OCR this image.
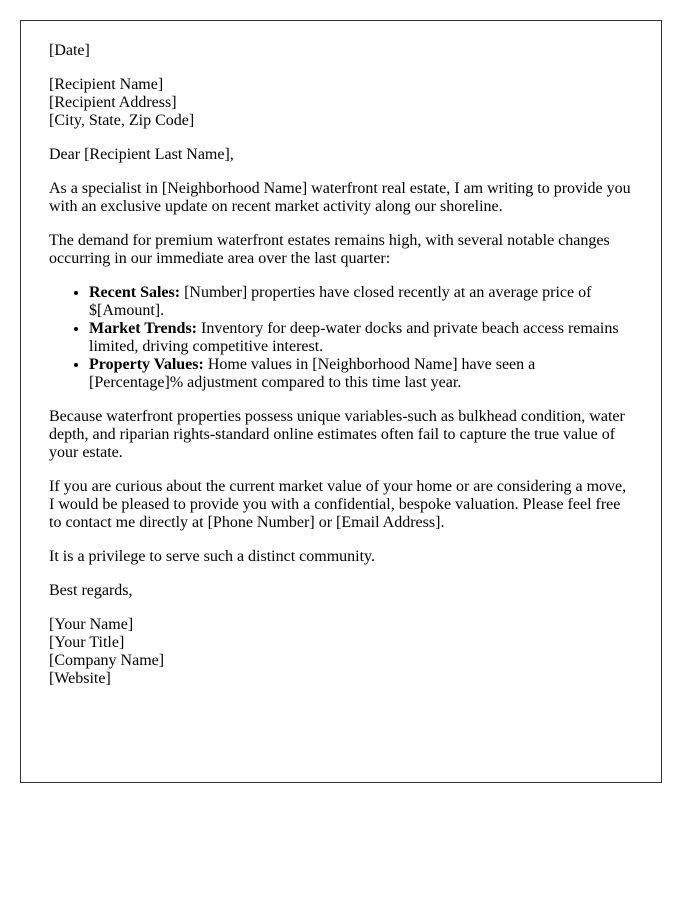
[Date]

[Recipient Name]
[Recipient Address]
[City, State, Zip Code]

Dear [Recipient Last Name],

As a specialist in [Neighborhood Name] waterfront real estate, I am writing to provide you with an exclusive update on recent market activity along our shoreline.

The demand for premium waterfront estates remains high, with several notable changes occurring in our immediate area over the last quarter:

• Recent Sales: [Number] properties have closed recently at an average price of $[Amount].
• Market Trends: Inventory for deep-water docks and private beach access remains limited, driving competitive interest.
• Property Values: Home values in [Neighborhood Name] have seen a [Percentage]% adjustment compared to this time last year.

Because waterfront properties possess unique variables-such as bulkhead condition, water depth, and riparian rights-standard online estimates often fail to capture the true value of your estate.

If you are curious about the current market value of your home or are considering a move, I would be pleased to provide you with a confidential, bespoke valuation. Please feel free to contact me directly at [Phone Number] or [Email Address].

It is a privilege to serve such a distinct community.

Best regards,

[Your Name]
[Your Title]
[Company Name]
[Website]
